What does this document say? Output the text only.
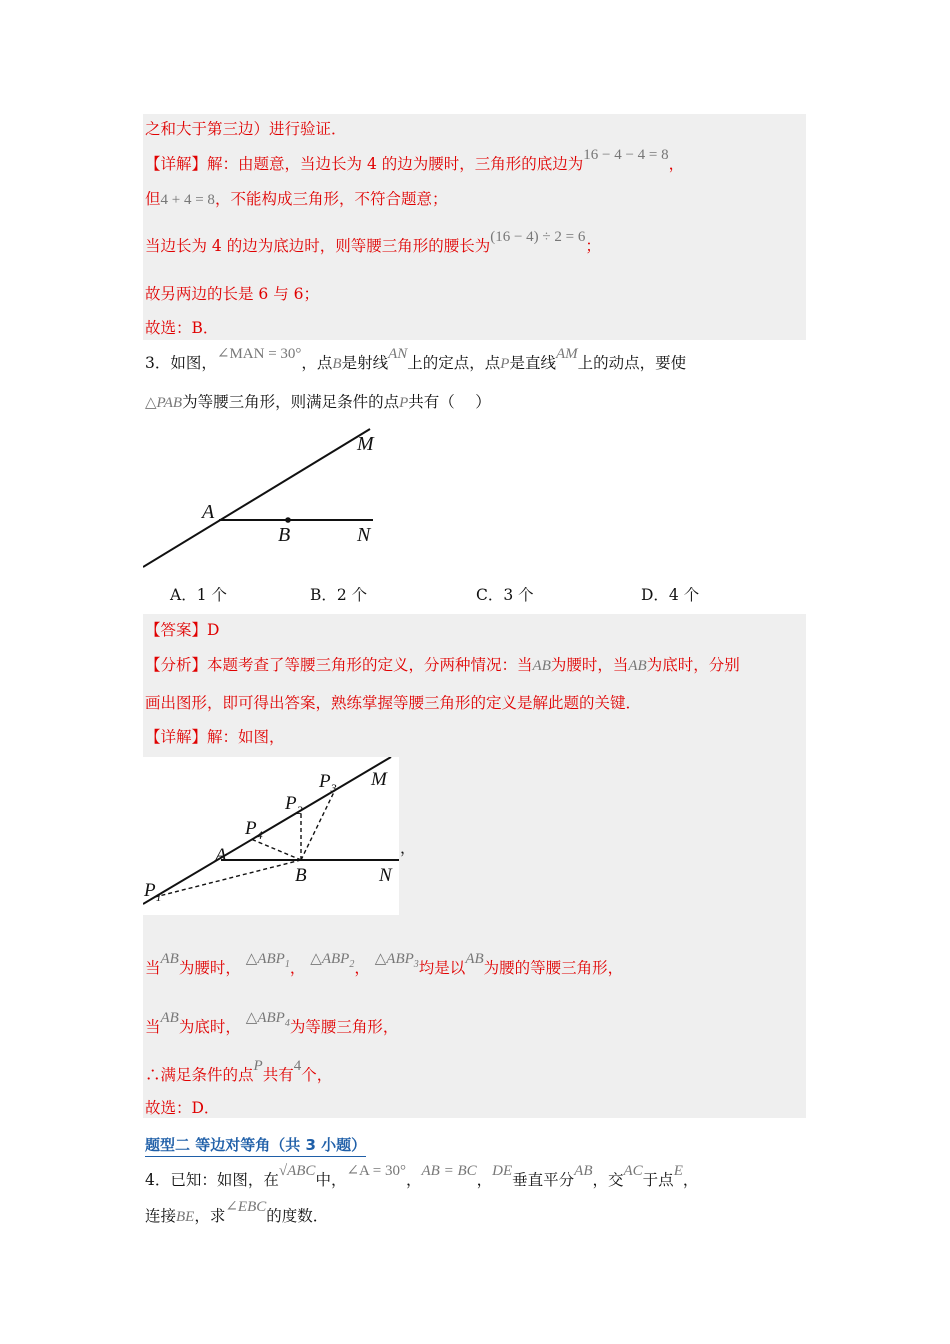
之和大于第三边）进行验证．
【详解】解：由题意，当边长为 4 的边为腰时，三角形的底边为16 − 4 − 4 = 8，
但4 + 4 = 8，不能构成三角形，不符合题意；
当边长为 4 的边为底边时，则等腰三角形的腰长为(16 − 4) ÷ 2 = 6；
故另两边的长是 6 与 6；
故选：B．
3．如图，∠MAN = 30°，点B是射线AN上的定点，点P是直线AM上的动点，要使
△PAB为等腰三角形，则满足条件的点P共有（　 ）
M
A
B	N
A．1 个	B．2 个	C．3 个	D．4 个
【答案】D
【分析】本题考查了等腰三角形的定义，分两种情况：当AB为腰时，当AB为底时，分别
画出图形，即可得出答案，熟练掌握等腰三角形的定义是解此题的关键．
【详解】解：如图，
M
A
B	N
$P_1$
$P_2$
$P_3$
$P_4$
，
当AB为腰时， $\triangle ABP_1$， $\triangle ABP_2$， $\triangle ABP_3$均是以AB为腰的等腰三角形，
当AB为底时， $\triangle ABP_4$为等腰三角形，
∴满足条件的点P共有4个，
故选：D．
题型二 等边对等角（共 3 小题）
4．已知：如图，在√ABC中，∠A = 30°，AB = BC，DE垂直平分AB，交AC于点E，
连接BE，求∠EBC的度数．
